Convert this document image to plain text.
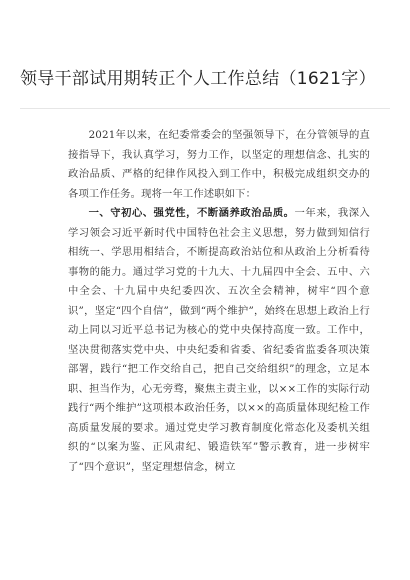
领导干部试用期转正个人工作总结（1621字）

2021年以来，在纪委常委会的坚强领导下，在分管领导的直接指导下，我认真学习，努力工作，以坚定的理想信念、扎实的政治品质、严格的纪律作风投入到工作中，积极完成组织交办的各项工作任务。现将一年工作述职如下：

一、守初心、强党性，不断涵养政治品质。一年来，我深入学习领会习近平新时代中国特色社会主义思想，努力做到知信行相统一、学思用相结合，不断提高政治站位和从政治上分析看待事物的能力。通过学习党的十九大、十九届四中全会、五中、六中全会、十九届中央纪委四次、五次全会精神，树牢“四个意识”，坚定“四个自信”，做到“两个维护”，始终在思想上政治上行动上同以习近平总书记为核心的党中央保持高度一致。工作中，坚决贯彻落实党中央、中央纪委和省委、省纪委省监委各项决策部署，践行“把工作交给自己，把自己交给组织”的理念，立足本职、担当作为，心无旁骛，聚焦主责主业，以××工作的实际行动践行“两个维护”这项根本政治任务，以××的高质量体现纪检工作高质量发展的要求。通过党史学习教育制度化常态化及委机关组织的“以案为鉴、正风肃纪、锻造铁军”警示教育，进一步树牢了“四个意识”，坚定理想信念，树立
